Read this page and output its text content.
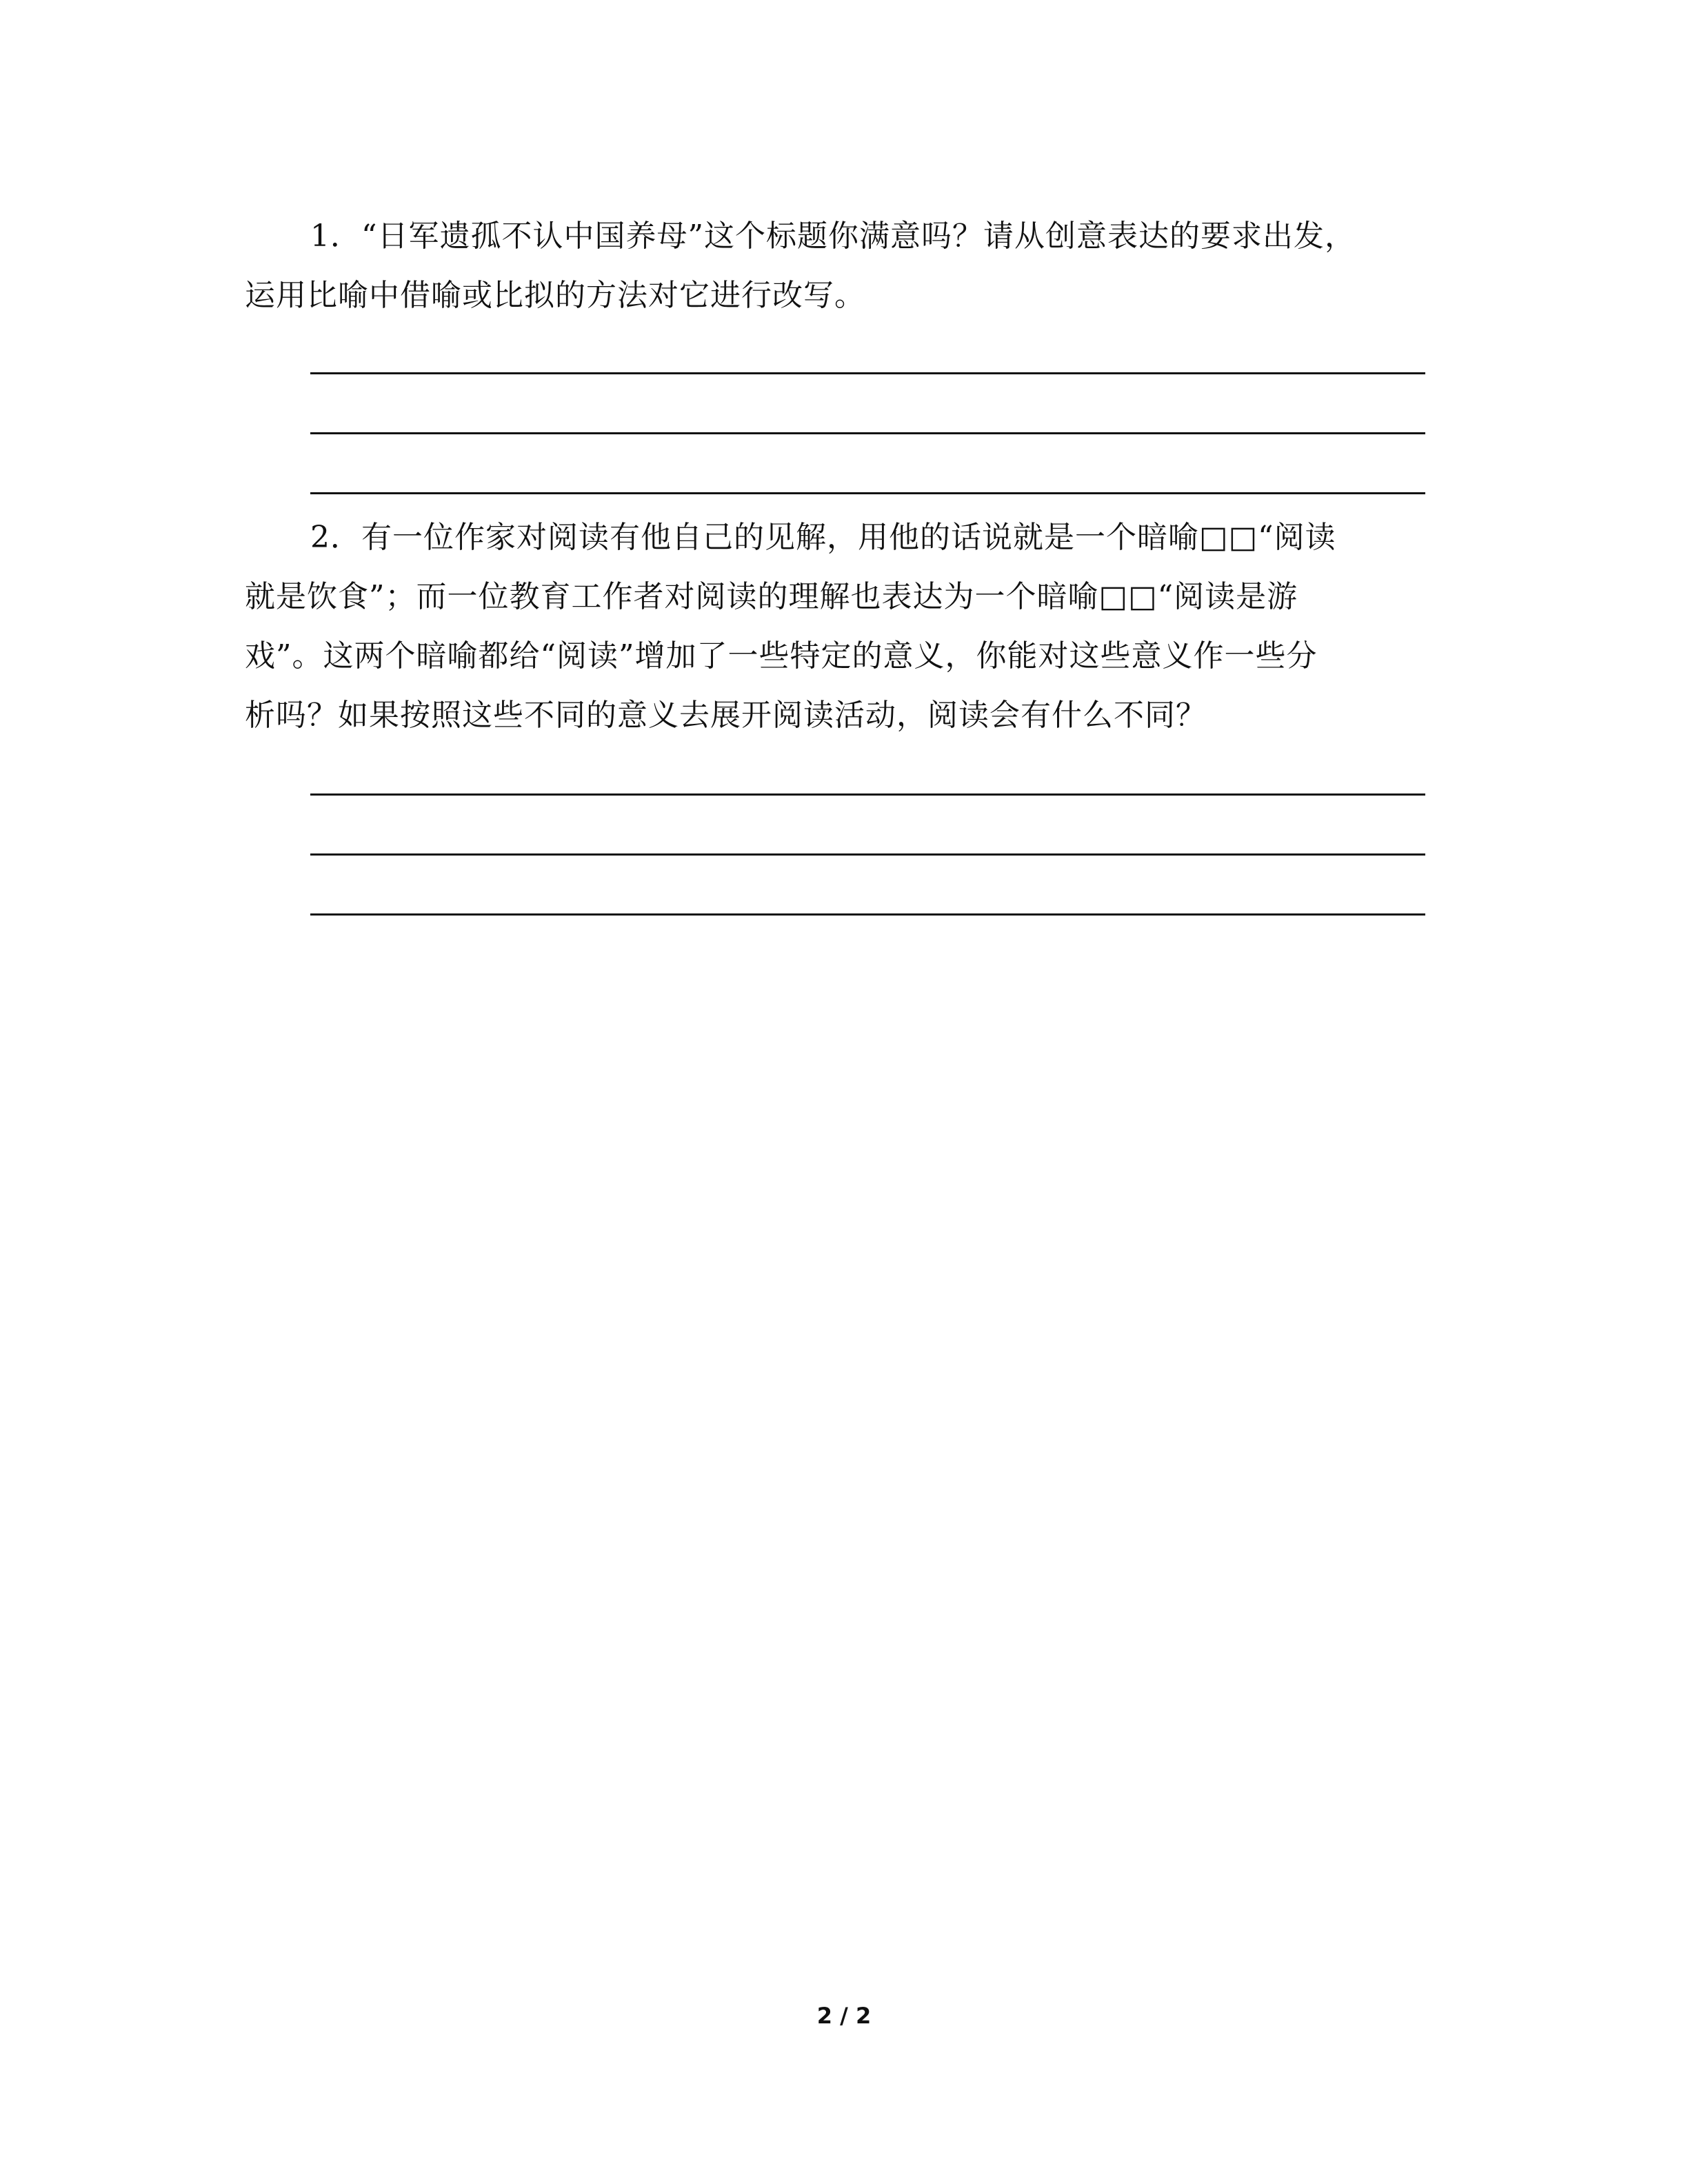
1．“日军遗孤不认中国养母”这个标题你满意吗？请从创意表达的要求出发，
运用比喻中借喻或比拟的方法对它进行改写。
2．有一位作家对阅读有他自己的见解，用他的话说就是一个暗喻□□“阅读
就是饮食”；而一位教育工作者对阅读的理解也表达为一个暗喻□□“阅读是游
戏”。这两个暗喻都给“阅读”增加了一些特定的意义，你能对这些意义作一些分
析吗？如果按照这些不同的意义去展开阅读活动，阅读会有什么不同？
2 / 2
